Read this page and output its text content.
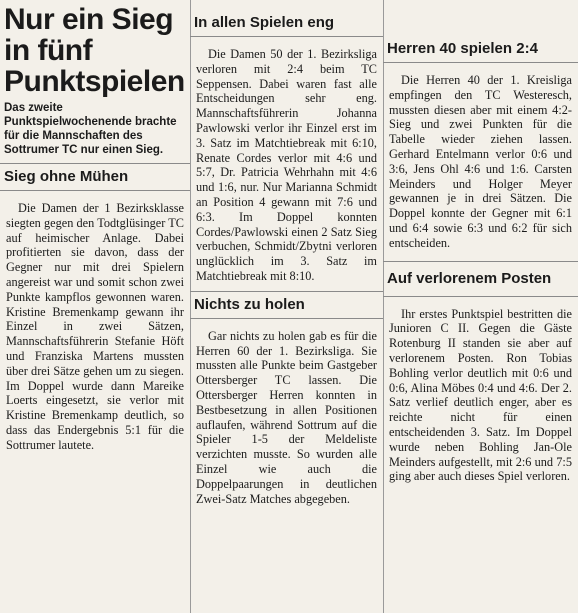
Nur ein Sieg in fünf Punktspielen

Das zweite Punktspielwochenende brachte für die Mannschaften des Sottrumer TC nur einen Sieg.

Sieg ohne Mühen

Die Damen der 1 Bezirksklasse siegten gegen den Todtglüsinger TC auf heimischer Anlage. Dabei profitierten sie davon, dass der Gegner nur mit drei Spielern angereist war und somit schon zwei Punkte kampflos gewonnen waren. Kristine Bremenkamp gewann ihr Einzel in zwei Sätzen, Mannschaftsführerin Stefanie Höft und Franziska Martens mussten über drei Sätze gehen um zu siegen. Im Doppel wurde dann Mareike Loerts eingesetzt, sie verlor mit Kristine Bremenkamp deutlich, so dass das Endergebnis 5:1 für die Sottrumer lautete.

In allen Spielen eng

Die Damen 50 der 1. Bezirksliga verloren mit 2:4 beim TC Seppensen. Dabei waren fast alle Entscheidungen sehr eng. Mannschaftsführerin Johanna Pawlowski verlor ihr Einzel erst im 3. Satz im Matchtiebreak mit 6:10, Renate Cordes verlor mit 4:6 und 5:7, Dr. Patricia Wehrhahn mit 4:6 und 1:6, nur. Nur Marianna Schmidt an Position 4 gewann mit 7:6 und 6:3. Im Doppel konnten Cordes/Pawlowski einen 2 Satz Sieg verbuchen, Schmidt/Zbytni verloren unglücklich im 3. Satz im Matchtiebreak mit 8:10.

Nichts zu holen

Gar nichts zu holen gab es für die Herren 60 der 1. Bezirksliga. Sie mussten alle Punkte beim Gastgeber Ottersberger TC lassen. Die Ottersberger Herren konnten in Bestbesetzung in allen Positionen auflaufen, während Sottrum auf die Spieler 1-5 der Meldeliste verzichten musste. So wurden alle Einzel wie auch die Doppelpaarungen in deutlichen Zwei-Satz Matches abgegeben.

Herren 40 spielen 2:4

Die Herren 40 der 1. Kreisliga empfingen den TC Westeresch, mussten diesen aber mit einem 4:2-Sieg und zwei Punkten für die Tabelle wieder ziehen lassen. Gerhard Entelmann verlor 0:6 und 3:6, Jens Ohl 4:6 und 1:6. Carsten Meinders und Holger Meyer gewannen je in drei Sätzen. Die Doppel konnte der Gegner mit 6:1 und 6:4 sowie 6:3 und 6:2 für sich entscheiden.

Auf verlorenem Posten

Ihr erstes Punktspiel bestritten die Junioren C II. Gegen die Gäste Rotenburg II standen sie aber auf verlorenem Posten. Ron Tobias Bohling verlor deutlich mit 0:6 und 0:6, Alina Möbes 0:4 und 4:6. Der 2. Satz verlief deutlich enger, aber es reichte nicht für einen entscheidenden 3. Satz. Im Doppel wurde neben Bohling Jan-Ole Meinders aufgestellt, mit 2:6 und 7:5 ging aber auch dieses Spiel verloren.
